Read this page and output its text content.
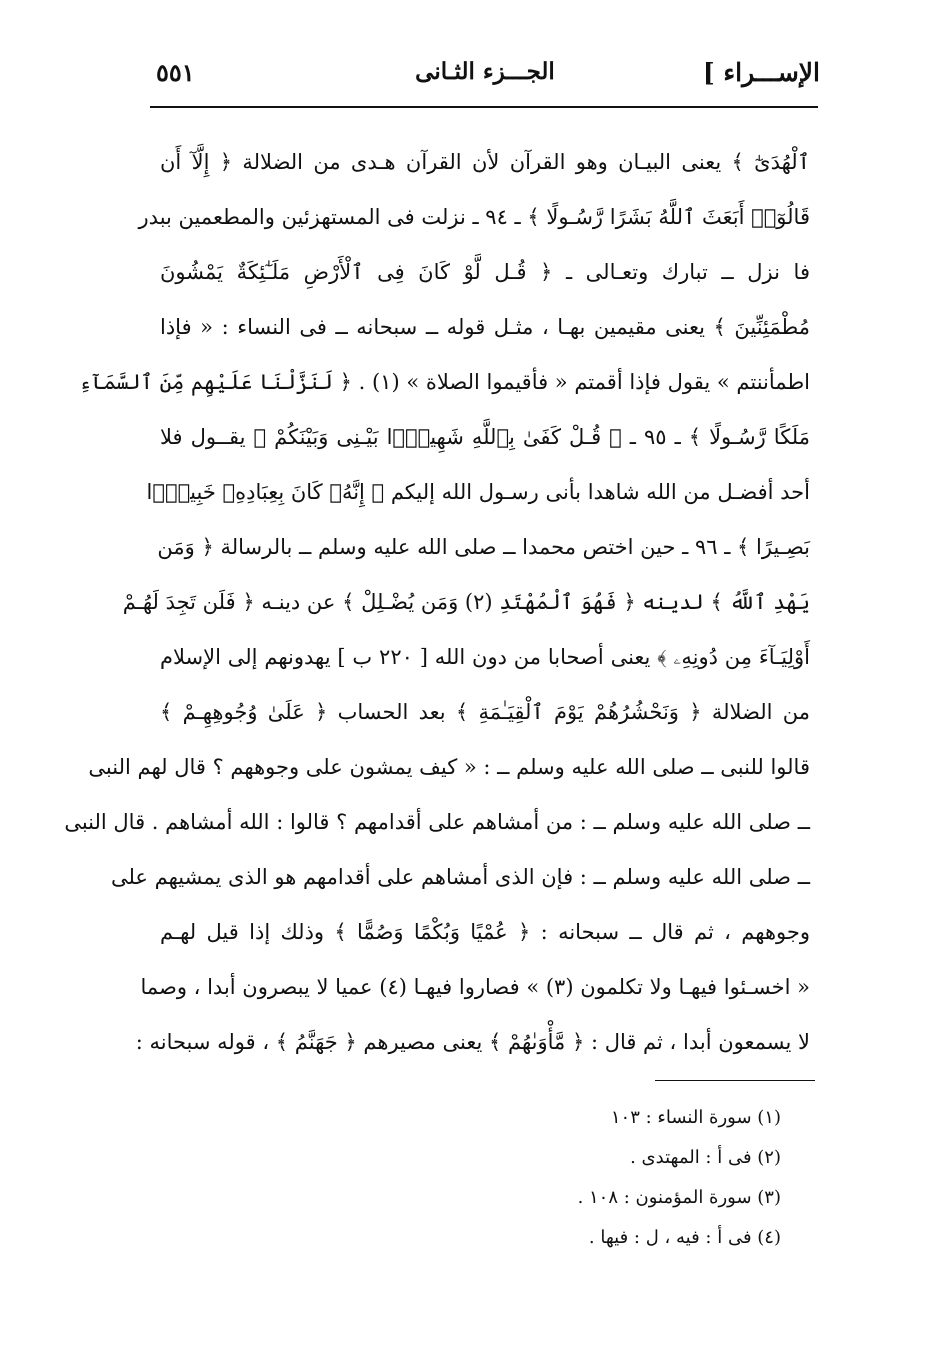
الإســـراء ]
الجـــزء الثـانى
٥٥١
ٱلْهُدَىٰٓ ﴾ يعنى البيـان وهو القرآن لأن القرآن هـدى من الضلالة ﴿ إِلَّآ أَن
قَالُوٓا۟ أَبَعَثَ ٱللَّهُ بَشَرًا رَّسُـولًا ﴾ ـ ٩٤ ـ نزلت فى المستهزئين والمطعمين ببدر
فا نزل ــ تبارك وتعـالى ـ ﴿ قُـل لَّوْ كَانَ فِى ٱلْأَرْضِ مَلَـٰٓئِكَةٌ يَمْشُونَ
مُطْمَئِنِّينَ ﴾ يعنى مقيمين بهـا ، مثـل قوله ــ سبحانه ــ فى النساء : « فإذا
اطمأننتم » يقول فإذا أقمتم « فأقيموا الصلاة » (١) . ﴿ لَنَزَّلْنَا عَلَيْهِم مِّنَ ٱلسَّمَآءِ
مَلَكًا رَّسُـولًا ﴾ ـ ٩٥ ـ ﴿ قُـلْ كَفَىٰ بِٱللَّهِ شَهِيدًۢا بَيْـنِى وَبَيْنَكُمْ ﴾ يقــول فلا
أحد أفضـل من الله شاهدا بأنى رسـول الله إليكم ﴿ إِنَّهُۥ كَانَ بِعِبَادِهِۦ خَبِيرًۢا
بَصِـيرًا ﴾ ـ ٩٦ ـ حين اختص محمدا ــ صلى الله عليه وسلم ــ بالرسالة ﴿ وَمَن
يَهْدِ ٱللَّهُ ﴾ لدينه ﴿ فَهُوَ ٱلْمُهْتَدِ (٢) وَمَن يُضْـلِلْ ﴾ عن دينـه ﴿ فَلَن تَجِدَ لَهُـمْ
أَوْلِيَـآءَ مِن دُونِهِۦ ﴾ يعنى أصحابا من دون الله [ ٢٢٠ ب ] يهدونهم إلى الإسلام
من الضلالة ﴿ وَنَحْشُرُهُمْ يَوْمَ ٱلْقِيَـٰمَةِ ﴾ بعد الحساب ﴿ عَلَىٰ وُجُوهِهِـمْ ﴾
قالوا للنبى ــ صلى الله عليه وسلم ــ : « كيف يمشون على وجوههم ؟ قال لهم النبى
ــ صلى الله عليه وسلم ــ : من أمشاهم على أقدامهم ؟ قالوا : الله أمشاهم . قال النبى
ــ صلى الله عليه وسلم ــ : فإن الذى أمشاهم على أقدامهم هو الذى يمشيهم على
وجوههم ، ثم قال ــ سبحانه : ﴿ عُمْيًا وَبُكْمًا وَصُمًّا ﴾ وذلك إذا قيل لهـم
« اخسـئوا فيهـا ولا تكلمون (٣) » فصاروا فيهـا (٤) عميا لا يبصرون أبدا ، وصما
لا يسمعون أبدا ، ثم قال : ﴿ مَّأْوَىٰهُمْ ﴾ يعنى مصيرهم ﴿ جَهَنَّمُ ﴾ ، قوله سبحانه :
(١) سورة النساء : ١٠٣
(٢) فى أ : المهتدى .
(٣) سورة المؤمنون : ١٠٨ .
(٤) فى أ : فيه ، ل : فيها .
